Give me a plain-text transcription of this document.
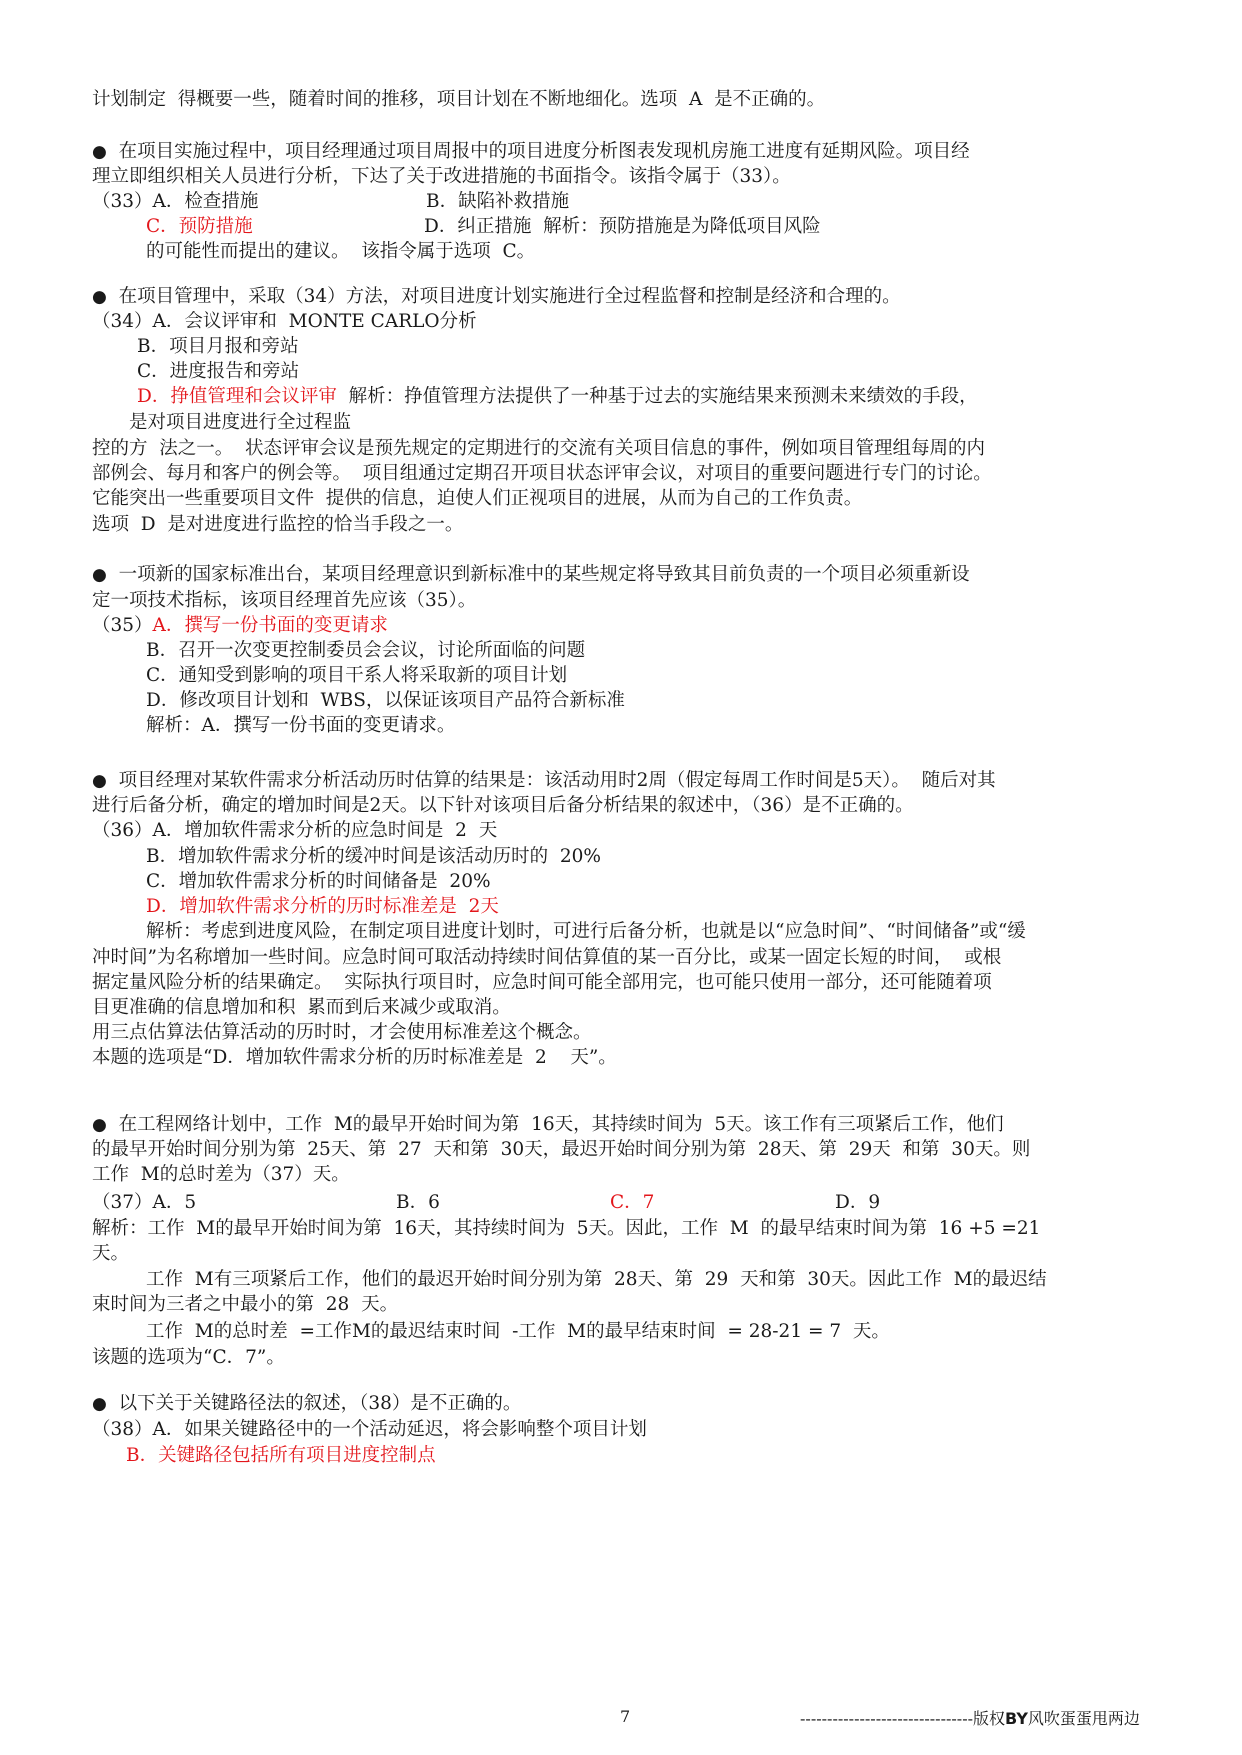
计划制定  得概要一些，随着时间的推移，项目计划在不断地细化。选项  A  是不正确的。
●  在项目实施过程中，项目经理通过项目周报中的项目进度分析图表发现机房施工进度有延期风险。项目经
理立即组织相关人员进行分析，下达了关于改进措施的书面指令。该指令属于（33）。
（33）A．检查措施	B．缺陷补救措施
C．预防措施	D．纠正措施  解析：预防措施是为降低项目风险
的可能性而提出的建议。  该指令属于选项  C。
●  在项目管理中，采取（34）方法，对项目进度计划实施进行全过程监督和控制是经济和合理的。
（34）A．会议评审和  MONTE CARLO分析
B．项目月报和旁站
C．进度报告和旁站
D．挣值管理和会议评审  解析：挣值管理方法提供了一种基于过去的实施结果来预测未来绩效的手段，
是对项目进度进行全过程监
控的方  法之一。  状态评审会议是预先规定的定期进行的交流有关项目信息的事件，例如项目管理组每周的内
部例会、每月和客户的例会等。  项目组通过定期召开项目状态评审会议，对项目的重要问题进行专门的讨论。
它能突出一些重要项目文件  提供的信息，迫使人们正视项目的进展，从而为自己的工作负责。
选项  D  是对进度进行监控的恰当手段之一。
●  一项新的国家标准出台，某项目经理意识到新标准中的某些规定将导致其目前负责的一个项目必须重新设
定一项技术指标，该项目经理首先应该（35）。
（35）A．撰写一份书面的变更请求
B．召开一次变更控制委员会会议，讨论所面临的问题
C．通知受到影响的项目干系人将采取新的项目计划
D．修改项目计划和  WBS，以保证该项目产品符合新标准
解析：A．撰写一份书面的变更请求。
●  项目经理对某软件需求分析活动历时估算的结果是：该活动用时2周（假定每周工作时间是5天）。  随后对其
进行后备分析，确定的增加时间是2天。以下针对该项目后备分析结果的叙述中，（36）是不正确的。
（36）A．增加软件需求分析的应急时间是  2  天
B．增加软件需求分析的缓冲时间是该活动历时的  20%
C．增加软件需求分析的时间储备是  20%
D．增加软件需求分析的历时标准差是  2天
解析：考虑到进度风险，在制定项目进度计划时，可进行后备分析，也就是以“应急时间”、“时间储备”或“缓
冲时间”为名称增加一些时间。应急时间可取活动持续时间估算值的某一百分比，或某一固定长短的时间，  或根
据定量风险分析的结果确定。  实际执行项目时，应急时间可能全部用完，也可能只使用一部分，还可能随着项
目更准确的信息增加和积  累而到后来减少或取消。
用三点估算法估算活动的历时时，才会使用标准差这个概念。
本题的选项是“D．增加软件需求分析的历时标准差是  2    天”。
●  在工程网络计划中，工作  M的最早开始时间为第  16天，其持续时间为  5天。该工作有三项紧后工作，他们
的最早开始时间分别为第  25天、第  27  天和第  30天，最迟开始时间分别为第  28天、第  29天  和第  30天。则
工作  M的总时差为（37）天。
（37）A．5	B．6	C．7	D．9
解析：工作  M的最早开始时间为第  16天，其持续时间为  5天。因此，工作  M  的最早结束时间为第  16 +5 =21
天。
工作  M有三项紧后工作，他们的最迟开始时间分别为第  28天、第  29  天和第  30天。因此工作  M的最迟结
束时间为三者之中最小的第  28  天。
工作  M的总时差  =工作M的最迟结束时间  -工作  M的最早结束时间  = 28-21 = 7  天。
该题的选项为“C．7”。
●  以下关于关键路径法的叙述，（38）是不正确的。
（38）A．如果关键路径中的一个活动延迟，将会影响整个项目计划
B．关键路径包括所有项目进度控制点
7	--------------------------------版权BY风吹蛋蛋甩两边
